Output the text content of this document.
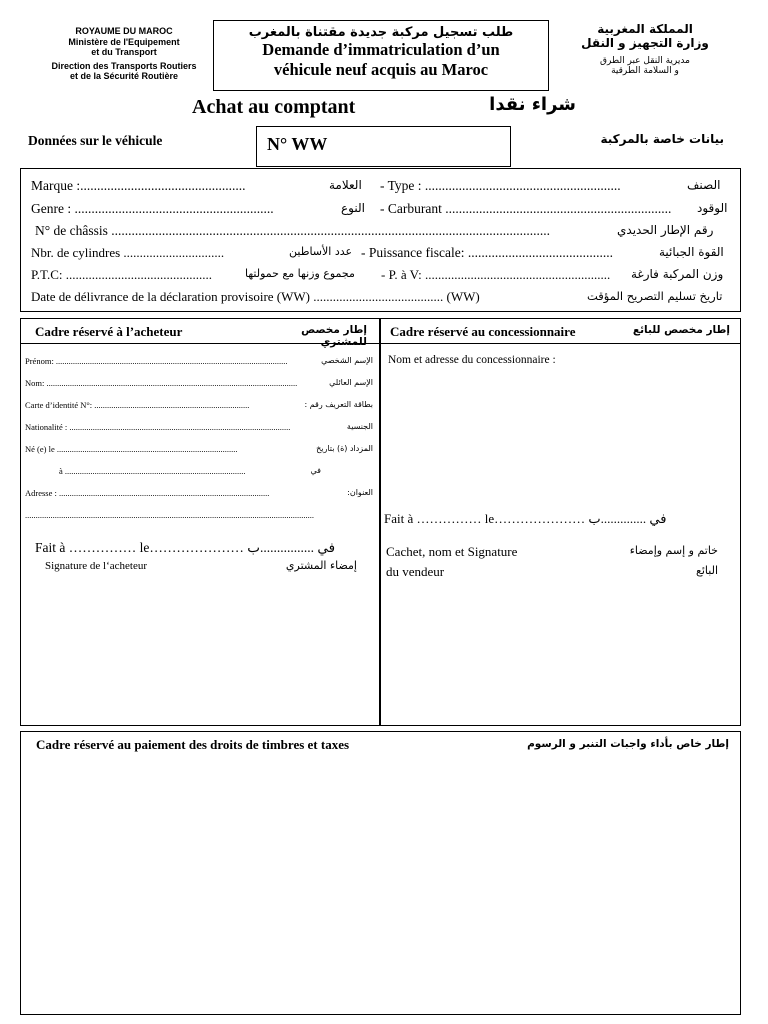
ROYAUME DU MAROC
Ministère de l'Equipement
et du Transport
Direction des Transports Routiers
et de la Sécurité Routière
طلب تسجيل مركبة جديدة مقتناة بالمغرب
Demande d’immatriculation d’un
véhicule neuf acquis au Maroc
المملكة المغربية
وزارة التجهيز و النقل
مديرية النقل عبر الطرق
و السلامة الطرقية
Achat au comptant	شراء نقدا
Données sur le véhicule	N° WW	بيانات خاصة بالمركبة
Marque :.................................................	العلامة - Type : ..........................................................	الصنف
Genre : ...........................................................	النوع - Carburant ................................................................... الوقود
N° de châssis ..................................................................................................................................	رقم الإطار الحديدي
Nbr. de cylindres ...............................	عدد الأساطين - Puissance fiscale: ...........................................	القوة الجبائية
P.T.C: .............................................	مجموع وزنها مع حمولتها - P. à V: ......................................................... وزن المركبة فارغة
Date de délivrance de la déclaration provisoire (WW) ........................................ (WW)	تاريخ تسليم التصريح المؤقت
Cadre réservé à l’acheteur	إطار مخصص للمشتري
Prénom: .............................................................................................................	الإسم الشخصي
Nom: ......................................................................................................................	الإسم العائلي
Carte d’identité N°: .........................................................................	بطاقة التعريف رقم :
Nationalité : ........................................................................................................	الجنسية
Né (e) le .....................................................................................	المزداد (ة) بتاريخ
à .....................................................................................	في
Adresse : ...................................................................................................	العنوان:
........................................................................................................................................
Fait à …………… le………………… في ................ب
Signature de l‘acheteur	إمضاء المشتري
Cadre réservé au concessionnaire	إطار مخصص للبائع
Nom et adresse du concessionnaire :
Fait à …………… le………………… في ..............ب
Cachet, nom et Signature
du vendeur
خاتم و إسم وإمضاء
البائع
Cadre réservé au paiement des droits de timbres et taxes	إطار خاص بأداء واجبات التنبر و الرسوم
